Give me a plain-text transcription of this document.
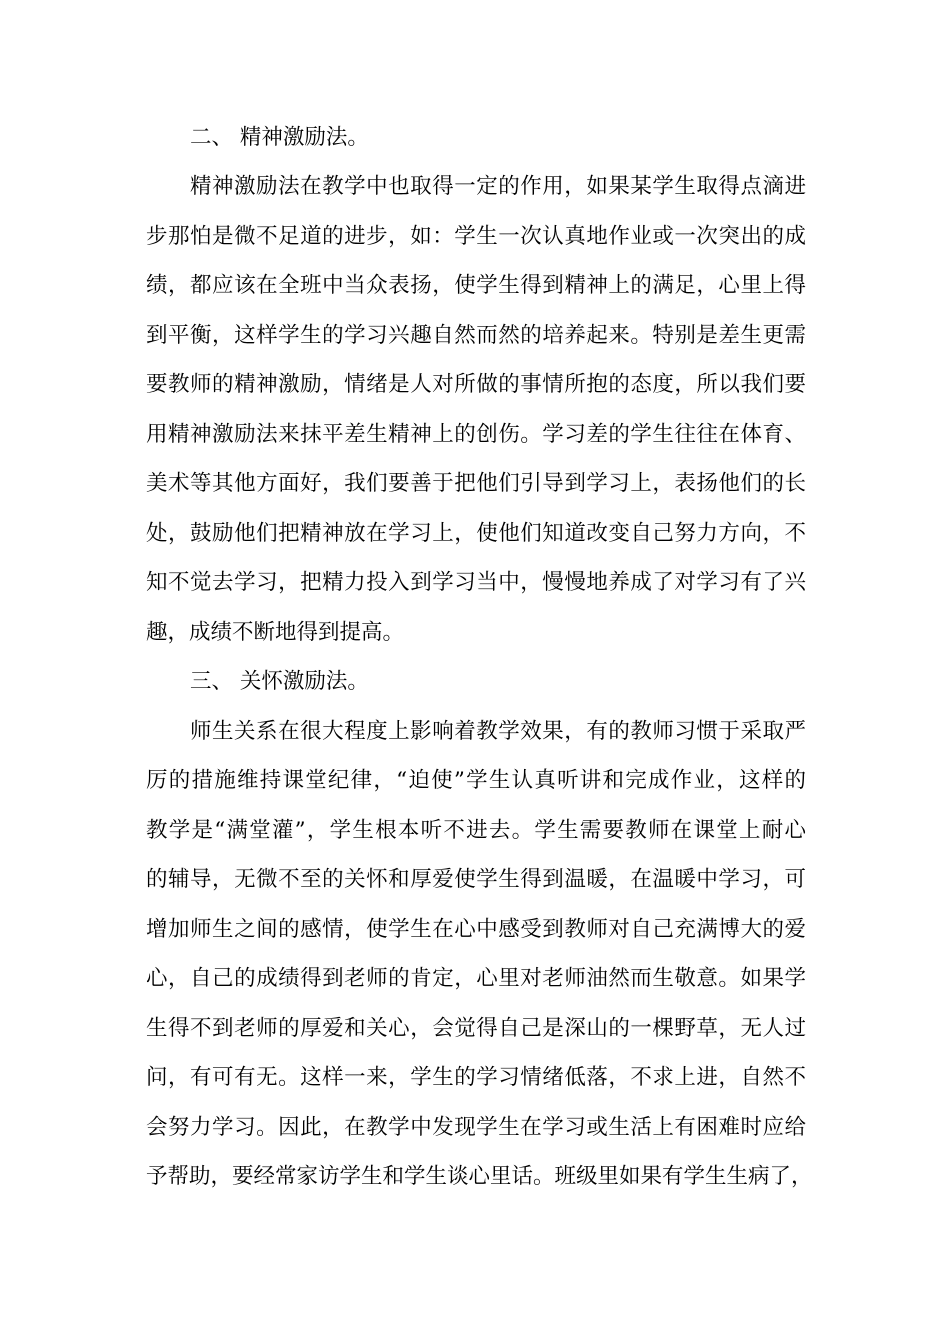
二、 精神激励法。
精神激励法在教学中也取得一定的作用，如果某学生取得点滴进
步那怕是微不足道的进步，如：学生一次认真地作业或一次突出的成
绩，都应该在全班中当众表扬，使学生得到精神上的满足，心里上得
到平衡，这样学生的学习兴趣自然而然的培养起来。特别是差生更需
要教师的精神激励，情绪是人对所做的事情所抱的态度，所以我们要
用精神激励法来抹平差生精神上的创伤。学习差的学生往往在体育、
美术等其他方面好，我们要善于把他们引导到学习上，表扬他们的长
处，鼓励他们把精神放在学习上，使他们知道改变自己努力方向，不
知不觉去学习，把精力投入到学习当中，慢慢地养成了对学习有了兴
趣，成绩不断地得到提高。
三、 关怀激励法。
师生关系在很大程度上影响着教学效果，有的教师习惯于采取严
厉的措施维持课堂纪律，“迫使”学生认真听讲和完成作业，这样的
教学是“满堂灌”，学生根本听不进去。学生需要教师在课堂上耐心
的辅导，无微不至的关怀和厚爱使学生得到温暖，在温暖中学习，可
增加师生之间的感情，使学生在心中感受到教师对自己充满博大的爱
心，自己的成绩得到老师的肯定，心里对老师油然而生敬意。如果学
生得不到老师的厚爱和关心，会觉得自己是深山的一棵野草，无人过
问，有可有无。这样一来，学生的学习情绪低落，不求上进，自然不
会努力学习。因此，在教学中发现学生在学习或生活上有困难时应给
予帮助，要经常家访学生和学生谈心里话。班级里如果有学生生病了，
